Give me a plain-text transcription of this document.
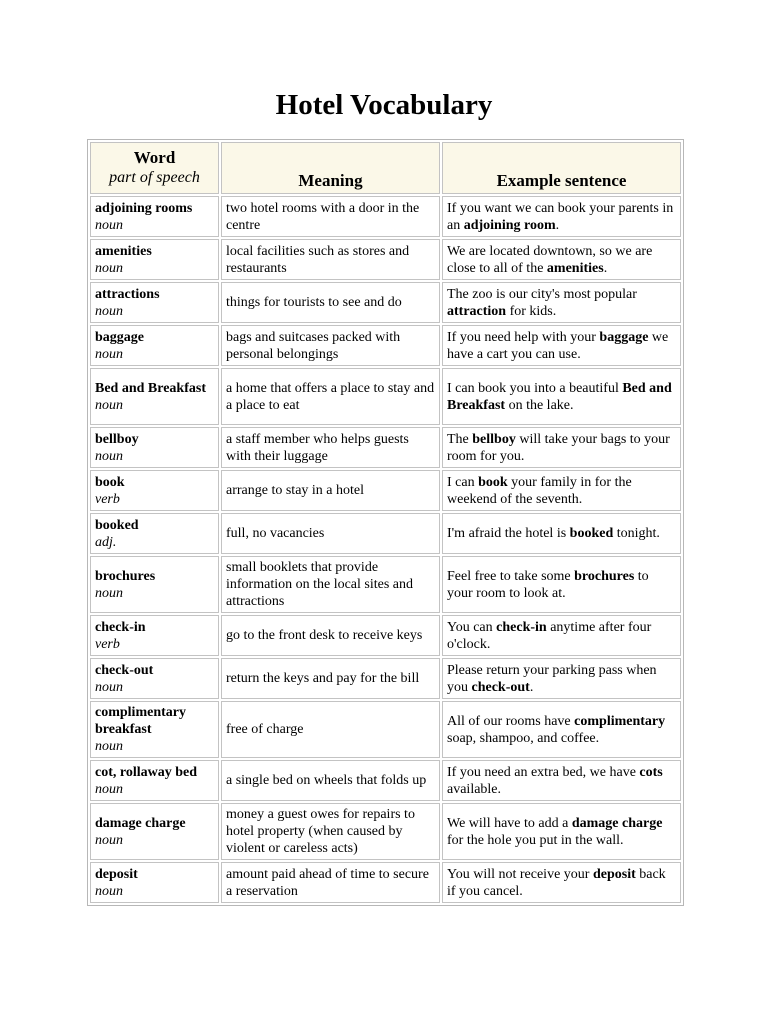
Hotel Vocabulary
Word
part of speech	Meaning	Example sentence

adjoining rooms
noun	two hotel rooms with a door in the centre	If you want we can book your parents in an adjoining room.

amenities
noun	local facilities such as stores and restaurants	We are located downtown, so we are close to all of the amenities.

attractions
noun	things for tourists to see and do	The zoo is our city's most popular attraction for kids.

baggage
noun	bags and suitcases packed with personal belongings	If you need help with your baggage we have a cart you can use.

Bed and Breakfast
noun	a home that offers a place to stay and a place to eat	I can book you into a beautiful Bed and Breakfast on the lake.

bellboy
noun	a staff member who helps guests with their luggage	The bellboy will take your bags to your room for you.

book
verb	arrange to stay in a hotel	I can book your family in for the weekend of the seventh.

booked
adj.	full, no vacancies	I'm afraid the hotel is booked tonight.

brochures
noun	small booklets that provide information on the local sites and attractions	Feel free to take some brochures to your room to look at.

check-in
verb	go to the front desk to receive keys	You can check-in anytime after four o'clock.

check-out
noun	return the keys and pay for the bill	Please return your parking pass when you check-out.

complimentary breakfast
noun	free of charge	All of our rooms have complimentary soap, shampoo, and coffee.

cot, rollaway bed
noun	a single bed on wheels that folds up	If you need an extra bed, we have cots available.

damage charge
noun	money a guest owes for repairs to hotel property (when caused by violent or careless acts)	We will have to add a damage charge for the hole you put in the wall.

deposit
noun	amount paid ahead of time to secure a reservation	You will not receive your deposit back if you cancel.
